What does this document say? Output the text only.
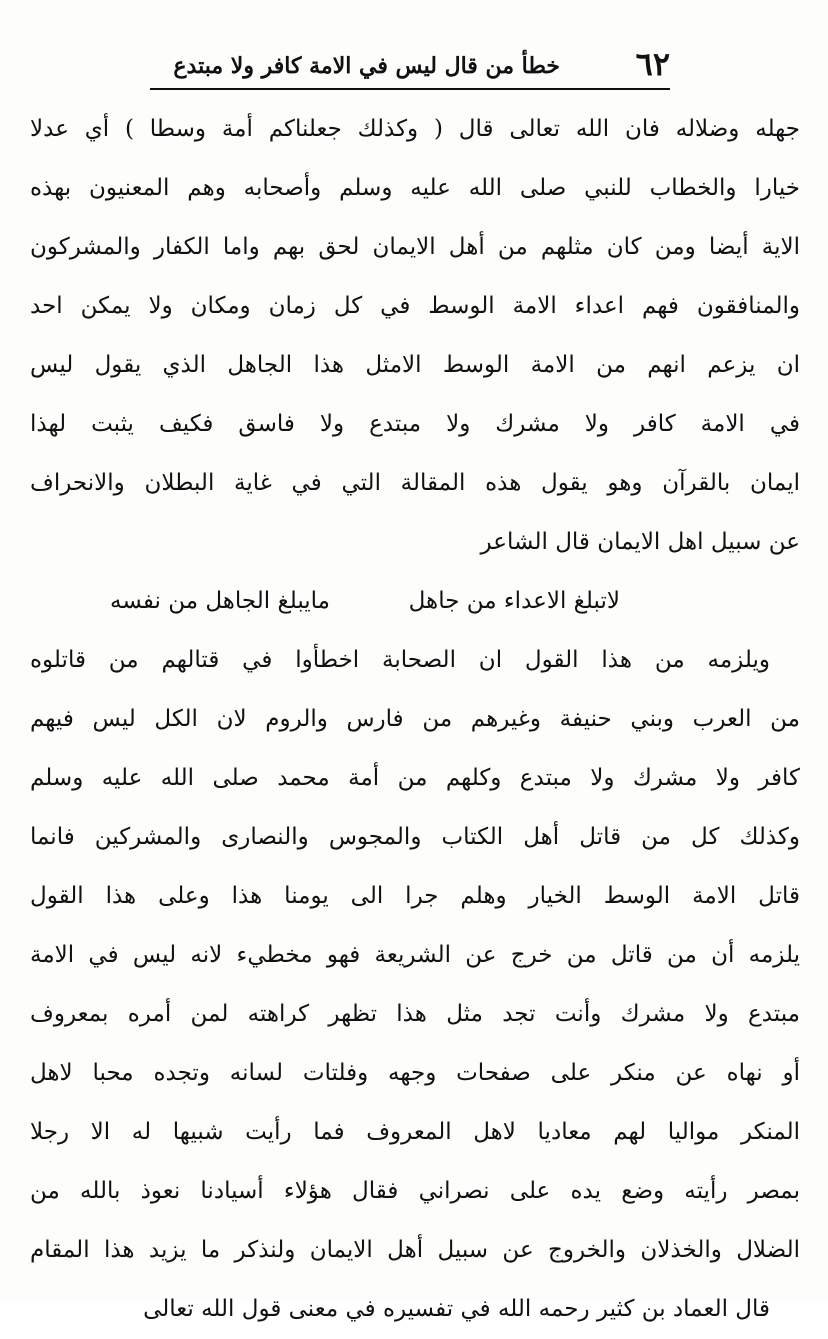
٦٢
خطأ من قال ليس في الامة كافر ولا مبتدع
جهله وضلاله فان الله تعالى قال ( وكذلك جعلناكم أمة وسطا ) أي عدلا
خيارا والخطاب للنبي صلى الله عليه وسلم وأصحابه وهم المعنيون بهذه
الاية أيضا ومن كان مثلهم من أهل الايمان لحق بهم واما الكفار والمشركون
والمنافقون فهم اعداء الامة الوسط في كل زمان ومكان ولا يمكن احد
ان يزعم انهم من الامة الوسط الامثل هذا الجاهل الذي يقول ليس
في الامة كافر ولا مشرك ولا مبتدع ولا فاسق فكيف يثبت لهذا
ايمان بالقرآن وهو يقول هذه المقالة التي في غاية البطلان والانحراف
عن سبيل اهل الايمان قال الشاعر
لاتبلغ الاعداء من جاهل
مايبلغ الجاهل من نفسه
ويلزمه من هذا القول ان الصحابة اخطأوا في قتالهم من قاتلوه
من العرب وبني حنيفة وغيرهم من فارس والروم لان الكل ليس فيهم
كافر ولا مشرك ولا مبتدع وكلهم من أمة محمد صلى الله عليه وسلم
وكذلك كل من قاتل أهل الكتاب والمجوس والنصارى والمشركين فانما
قاتل الامة الوسط الخيار وهلم جرا الى يومنا هذا وعلى هذا القول
يلزمه أن من قاتل من خرج عن الشريعة فهو مخطيء لانه ليس في الامة
مبتدع ولا مشرك وأنت تجد مثل هذا تظهر كراهته لمن أمره بمعروف
أو نهاه عن منكر على صفحات وجهه وفلتات لسانه وتجده محبا لاهل
المنكر مواليا لهم معاديا لاهل المعروف فما رأيت شبيها له الا رجلا
بمصر رأيته وضع يده على نصراني فقال هؤلاء أسيادنا نعوذ بالله من
الضلال والخذلان والخروج عن سبيل أهل الايمان ولنذكر ما يزيد هذا المقام
قال العماد بن كثير رحمه الله في تفسيره في معنى قول الله تعالى
